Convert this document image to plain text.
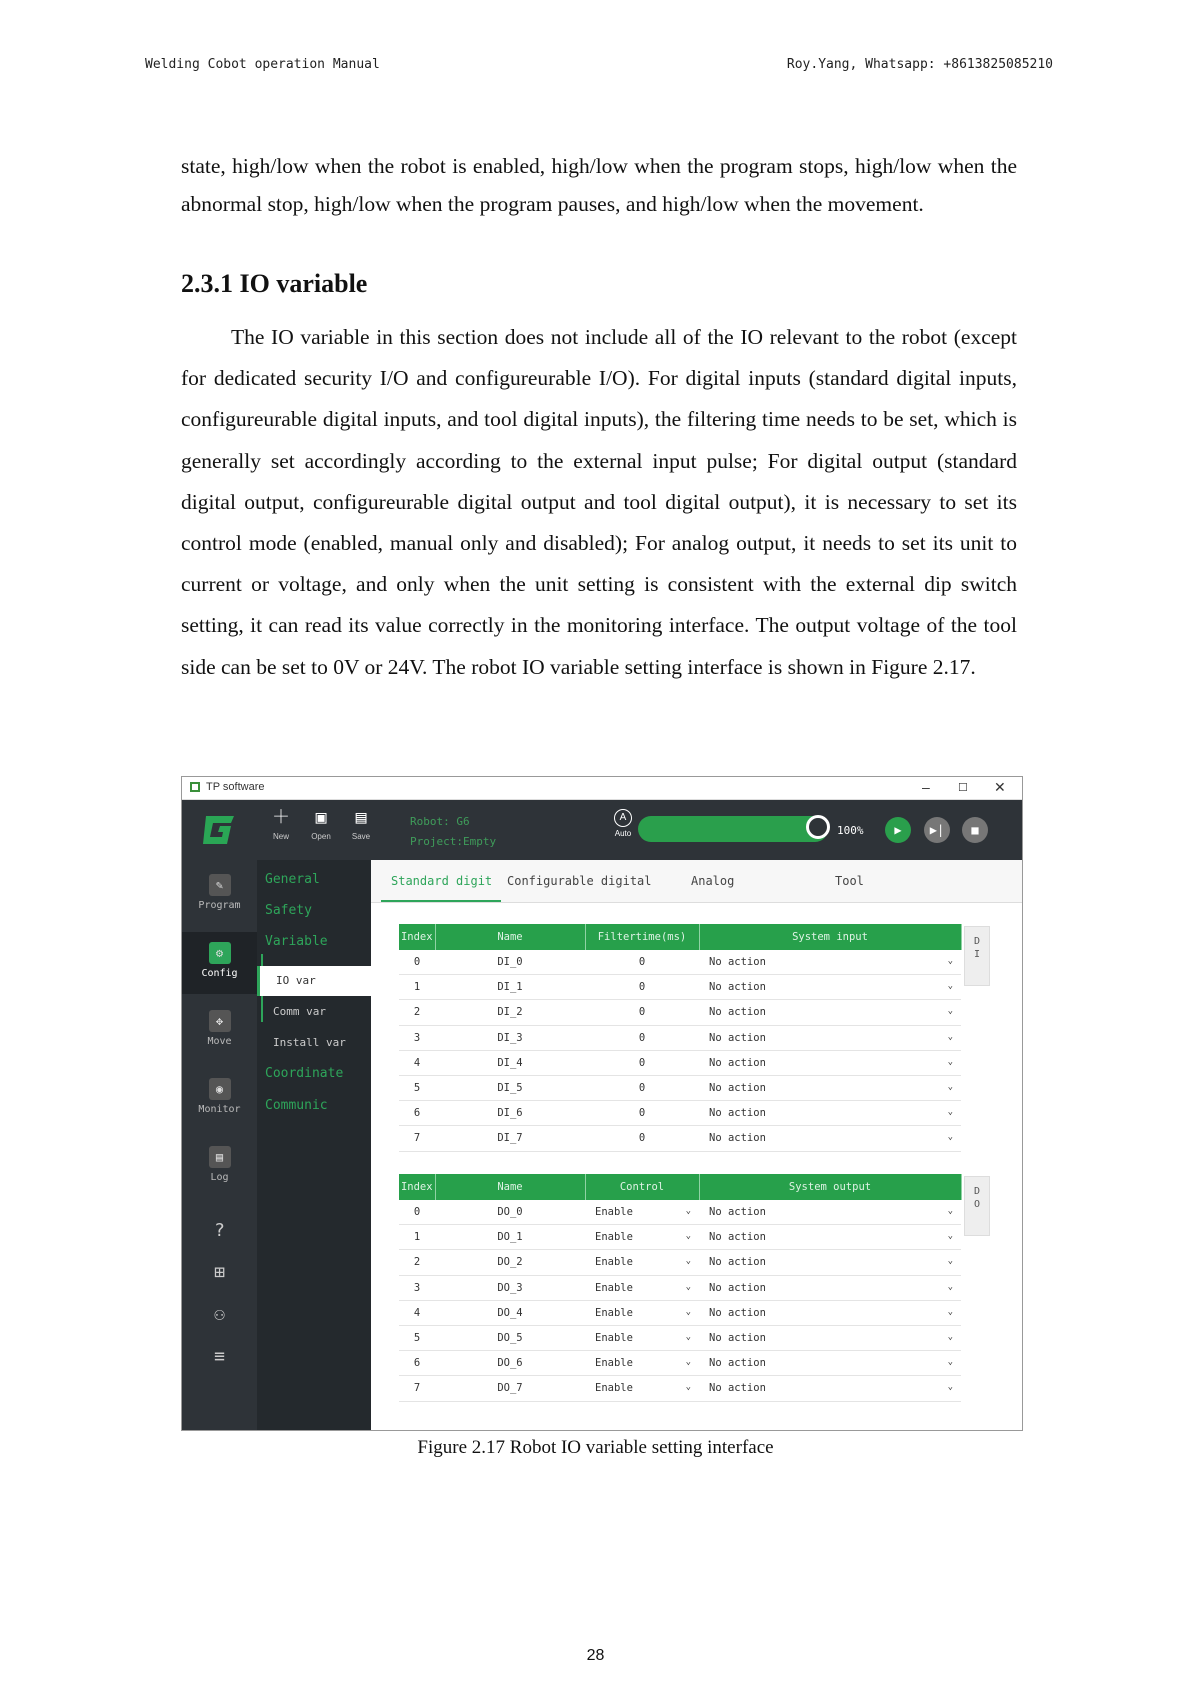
Welding Cobot operation Manual	Roy.Yang, Whatsapp: +8613825085210
state, high/low when the robot is enabled, high/low when the program stops, high/low when the abnormal stop, high/low when the program pauses, and high/low when the movement.
2.3.1 IO variable
The IO variable in this section does not include all of the IO relevant to the robot (except for dedicated security I/O and configureurable I/O). For digital inputs (standard digital inputs, configureurable digital inputs, and tool digital inputs), the filtering time needs to be set, which is generally set accordingly according to the external input pulse; For digital output (standard digital output, configureurable digital output and tool digital output), it is necessary to set its control mode (enabled, manual only and disabled); For analog output, it needs to set its unit to current or voltage, and only when the unit setting is consistent with the external dip switch setting, it can read its value correctly in the monitoring interface. The output voltage of the tool side can be set to 0V or 24V. The robot IO variable setting interface is shown in Figure 2.17.
TP software	–	☐ ✕
＋
New
▣
Open
▤
Save
Robot: G6
Project:Empty
A
Auto	100%	▶	▶|	■
✎
Program
⚙
Config
✥
Move
◉
Monitor
▤
Log
?
⊞
⚇
≡
General
Safety
Variable
IO var
Comm var
Install var
Coordinate
Communic
Standard digit Configurable digital	Analog	Tool
Index	Name	Filtertime(ms)	System input
0	DI_0	0	No action ⌄

1	DI_1	0	No action ⌄

2	DI_2	0	No action ⌄

3	DI_3	0	No action ⌄

4	DI_4	0	No action ⌄

5	DI_5	0	No action ⌄

6	DI_6	0	No action ⌄

7	DI_7	0	No action ⌄
D
I
Index	Name	Control	System output
0	DO_0	Enable ⌄	No action ⌄

1	DO_1	Enable ⌄	No action ⌄

2	DO_2	Enable ⌄	No action ⌄

3	DO_3	Enable ⌄	No action ⌄

4	DO_4	Enable ⌄	No action ⌄

5	DO_5	Enable ⌄	No action ⌄

6	DO_6	Enable ⌄	No action ⌄

7	DO_7	Enable ⌄	No action ⌄
D
O
Figure 2.17 Robot IO variable setting interface
28
